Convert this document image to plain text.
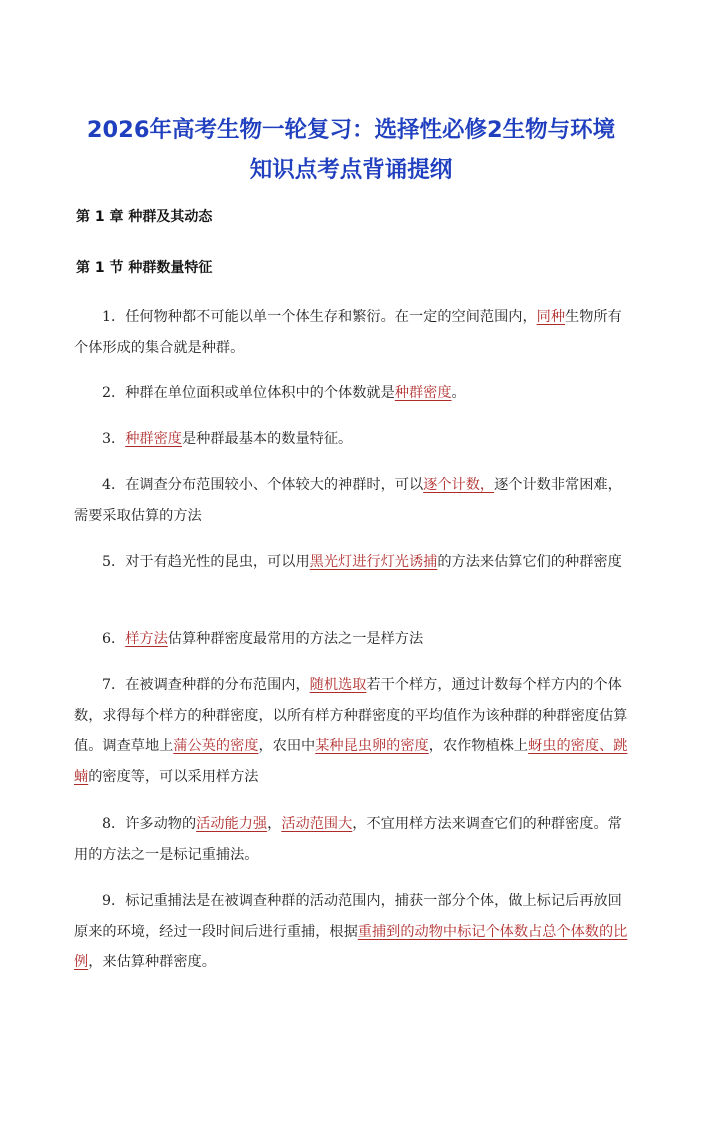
2026年高考生物一轮复习：选择性必修2生物与环境
知识点考点背诵提纲
第 1 章 种群及其动态
第 1 节 种群数量特征
1．任何物种都不可能以单一个体生存和繁衍。在一定的空间范围内，同种生物所有个体形成的集合就是种群。
2．种群在单位面积或单位体积中的个体数就是种群密度。
3．种群密度是种群最基本的数量特征。
4．在调查分布范围较小、个体较大的神群时，可以逐个计数，逐个计数非常困难，需要采取估算的方法
5．对于有趋光性的昆虫，可以用黑光灯进行灯光诱捕的方法来估算它们的种群密度
6．样方法估算种群密度最常用的方法之一是样方法
7．在被调查种群的分布范围内，随机选取若干个样方，通过计数每个样方内的个体数，求得每个样方的种群密度，以所有样方种群密度的平均值作为该种群的种群密度估算值。调查草地上蒲公英的密度，农田中某种昆虫卵的密度，农作物植株上蚜虫的密度、跳蝻的密度等，可以采用样方法
8．许多动物的活动能力强，活动范围大，不宜用样方法来调查它们的种群密度。常用的方法之一是标记重捕法。
9．标记重捕法是在被调查种群的活动范围内，捕获一部分个体，做上标记后再放回原来的环境，经过一段时间后进行重捕，根据重捕到的动物中标记个体数占总个体数的比例，来估算种群密度。
